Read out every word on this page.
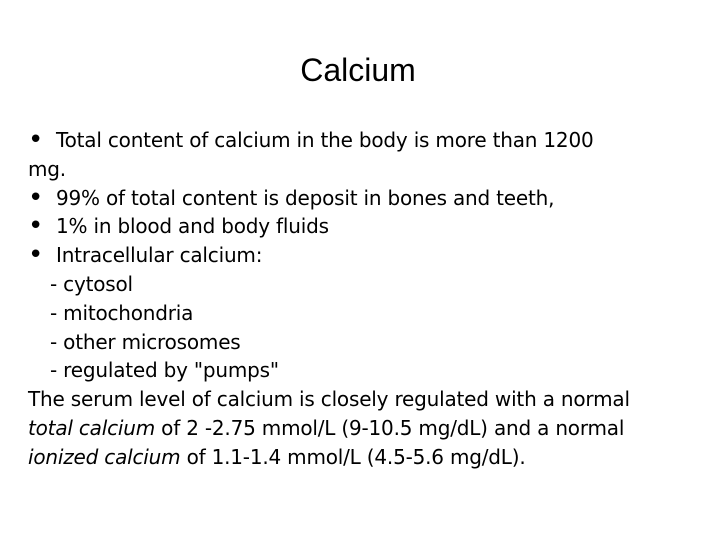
Calcium
• Total content of calcium in the body is more than 1200
mg.
• 99% of total content is deposit in bones and teeth,
• 1% in blood and body fluids
• Intracellular calcium:
- cytosol
- mitochondria
- other microsomes
- regulated by "pumps"
The serum level of calcium is closely regulated with a normal
total calcium of 2 -2.75 mmol/L (9-10.5 mg/dL) and a normal
ionized calcium of 1.1-1.4 mmol/L (4.5-5.6 mg/dL).
